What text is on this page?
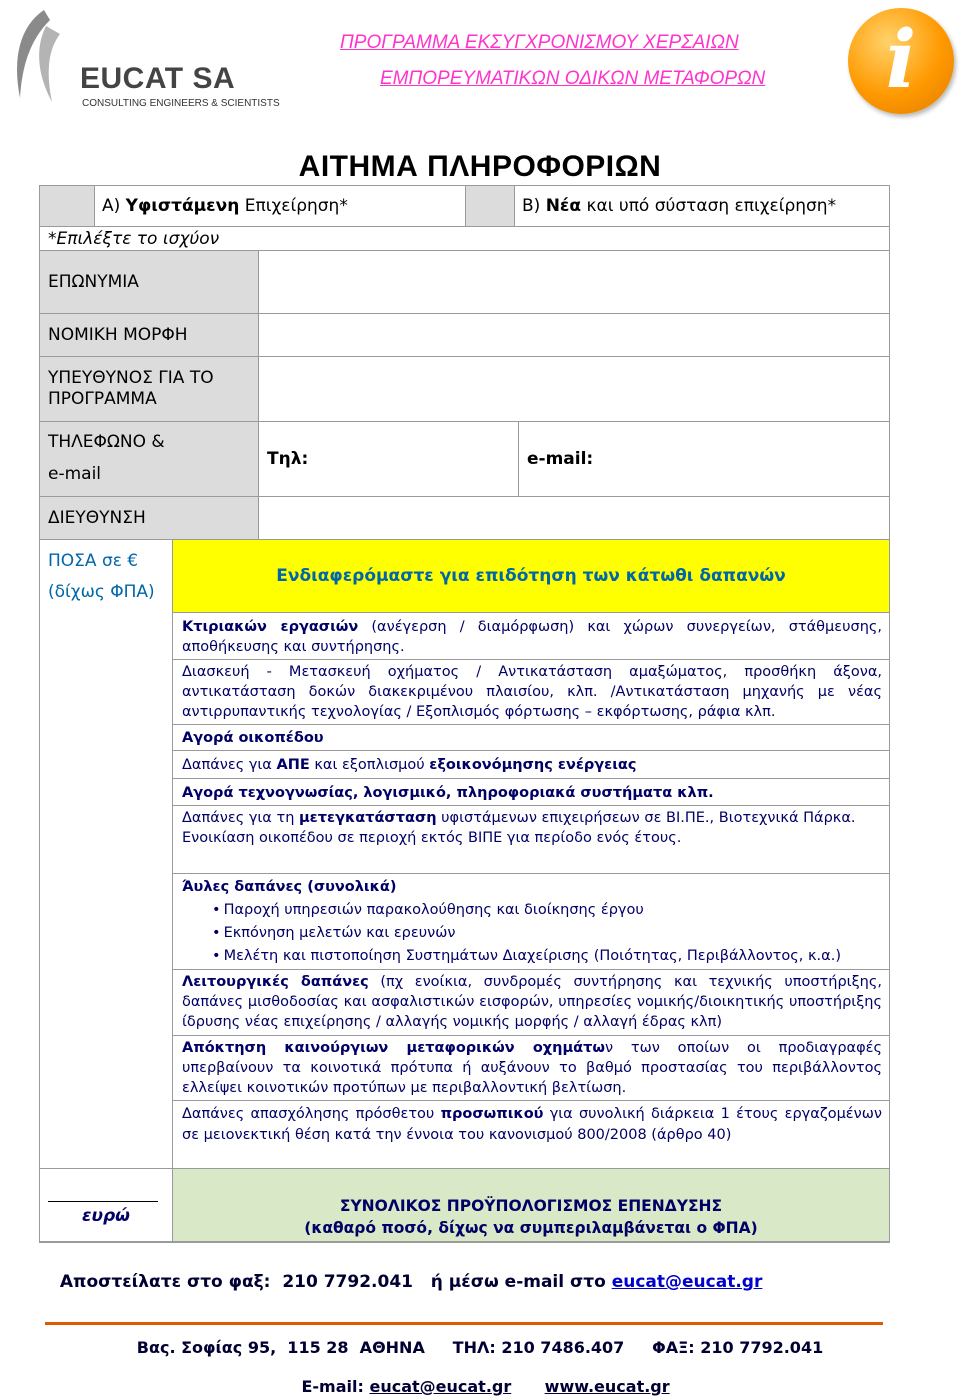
EUCAT SA
CONSULTING ENGINEERS & SCIENTISTS
ΠΡΟΓΡΑΜΜΑ ΕΚΣΥΓΧΡΟΝΙΣΜΟΥ ΧΕΡΣΑΙΩΝ
ΕΜΠΟΡΕΥΜΑΤΙΚΩΝ ΟΔΙΚΩΝ ΜΕΤΑΦΟΡΩΝ	i
ΑΙΤΗΜΑ ΠΛΗΡΟΦΟΡΙΩΝ
Α) Υφιστάμενη Επιχείρηση*	Β) Νέα και υπό σύσταση επιχείρηση*
*Επιλέξτε το ισχύον
ΕΠΩΝΥΜΙΑ
ΝΟΜΙΚΗ ΜΟΡΦΗ
ΥΠΕΥΘΥΝΟΣ ΓΙΑ ΤΟ
ΠΡΟΓΡΑΜΜΑ
ΤΗΛΕΦΩΝΟ &
e-mail
Τηλ:	e-mail:
ΔΙΕΥΘΥΝΣΗ
ΠΟΣΑ σε €
(δίχως ΦΠΑ)
Ενδιαφερόμαστε για επιδότηση των κάτωθι δαπανών
Κτιριακών εργασιών (ανέγερση / διαμόρφωση) και χώρων συνεργείων, στάθμευσης, αποθήκευσης και συντήρησης.
Διασκευή - Μετασκευή οχήματος / Αντικατάσταση αμαξώματος, προσθήκη άξονα, αντικατάσταση δοκών διακεκριμένου πλαισίου, κλπ. /Αντικατάσταση μηχανής με νέας αντιρρυπαντικής τεχνολογίας / Εξοπλισμός φόρτωσης – εκφόρτωσης, ράφια κλπ.
Αγορά οικοπέδου
Δαπάνες για ΑΠΕ και εξοπλισμού εξοικονόμησης ενέργειας
Αγορά τεχνογνωσίας, λογισμικό, πληροφοριακά συστήματα κλπ.
Δαπάνες για τη μετεγκατάσταση υφιστάμενων επιχειρήσεων σε ΒΙ.ΠΕ., Βιοτεχνικά Πάρκα.
Ενοικίαση οικοπέδου σε περιοχή εκτός ΒΙΠΕ για περίοδο ενός έτους.
Άυλες δαπάνες (συνολικά)
• Παροχή υπηρεσιών παρακολούθησης και διοίκησης έργου
• Εκπόνηση μελετών και ερευνών
• Μελέτη και πιστοποίηση Συστημάτων Διαχείρισης (Ποιότητας, Περιβάλλοντος, κ.α.)
Λειτουργικές δαπάνες (πχ ενοίκια, συνδρομές συντήρησης και τεχνικής υποστήριξης, δαπάνες μισθοδοσίας και ασφαλιστικών εισφορών, υπηρεσίες νομικής/διοικητικής υποστήριξης ίδρυσης νέας επιχείρησης / αλλαγής νομικής μορφής / αλλαγή έδρας κλπ)
Απόκτηση καινούργιων μεταφορικών οχημάτων των οποίων οι προδιαγραφές υπερβαίνουν τα κοινοτικά πρότυπα ή αυξάνουν το βαθμό προστασίας του περιβάλλοντος ελλείψει κοινοτικών προτύπων με περιβαλλοντική βελτίωση.
Δαπάνες απασχόλησης πρόσθετου προσωπικού για συνολική διάρκεια 1 έτους εργαζομένων σε μειονεκτική θέση κατά την έννοια του κανονισμού 800/2008 (άρθρο 40)
ευρώ	ΣΥΝΟΛΙΚΟΣ ΠΡΟΫΠΟΛΟΓΙΣΜΟΣ ΕΠΕΝΔΥΣΗΣ
(καθαρό ποσό, δίχως να συμπεριλαμβάνεται ο ΦΠΑ)

Αποστείλατε στο φαξ:  210 7792.041   ή μέσω e-mail στο eucat@eucat.gr

Βας. Σοφίας 95,  115 28  ΑΘΗΝΑ     ΤΗΛ: 210 7486.407     ΦΑΞ: 210 7792.041

E-mail: eucat@eucat.gr www.eucat.gr
